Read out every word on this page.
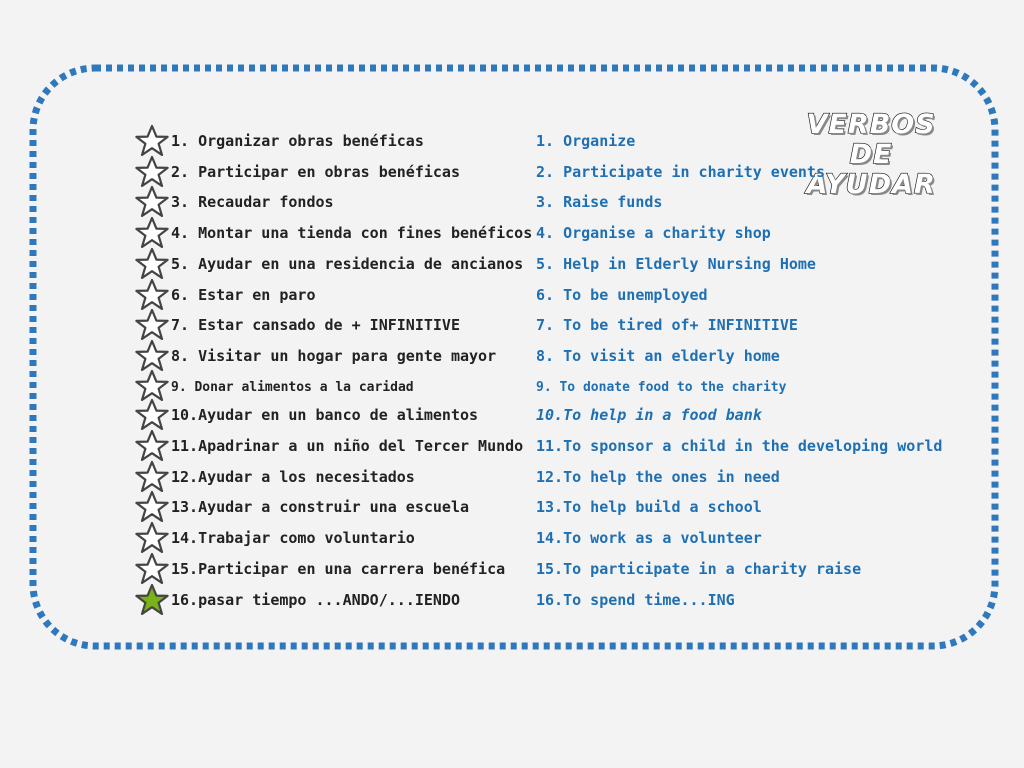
VERBOS
DE
AYUDAR
1. Organizar obras benéficas	1. Organize
2. Participar en obras benéficas	2. Participate in charity events
3. Recaudar fondos	3. Raise funds
4. Montar una tienda con fines benéficos 4. Organise a charity shop
5. Ayudar en una residencia de ancianos 5. Help in Elderly Nursing Home
6. Estar en paro	6. To be unemployed
7. Estar cansado de + INFINITIVE	7. To be tired of+ INFINITIVE
8. Visitar un hogar para gente mayor	8. To visit an elderly home
9. Donar alimentos a la caridad	9. To donate food to the charity
10.Ayudar en un banco de alimentos	10.To help in a food bank
11.Apadrinar a un niño del Tercer Mundo 11.To sponsor a child in the developing world
12.Ayudar a los necesitados	12.To help the ones in need
13.Ayudar a construir una escuela	13.To help build a school
14.Trabajar como voluntario	14.To work as a volunteer
15.Participar en una carrera benéfica 15.To participate in a charity raise
16.pasar tiempo ...ANDO/...IENDO	16.To spend time...ING
